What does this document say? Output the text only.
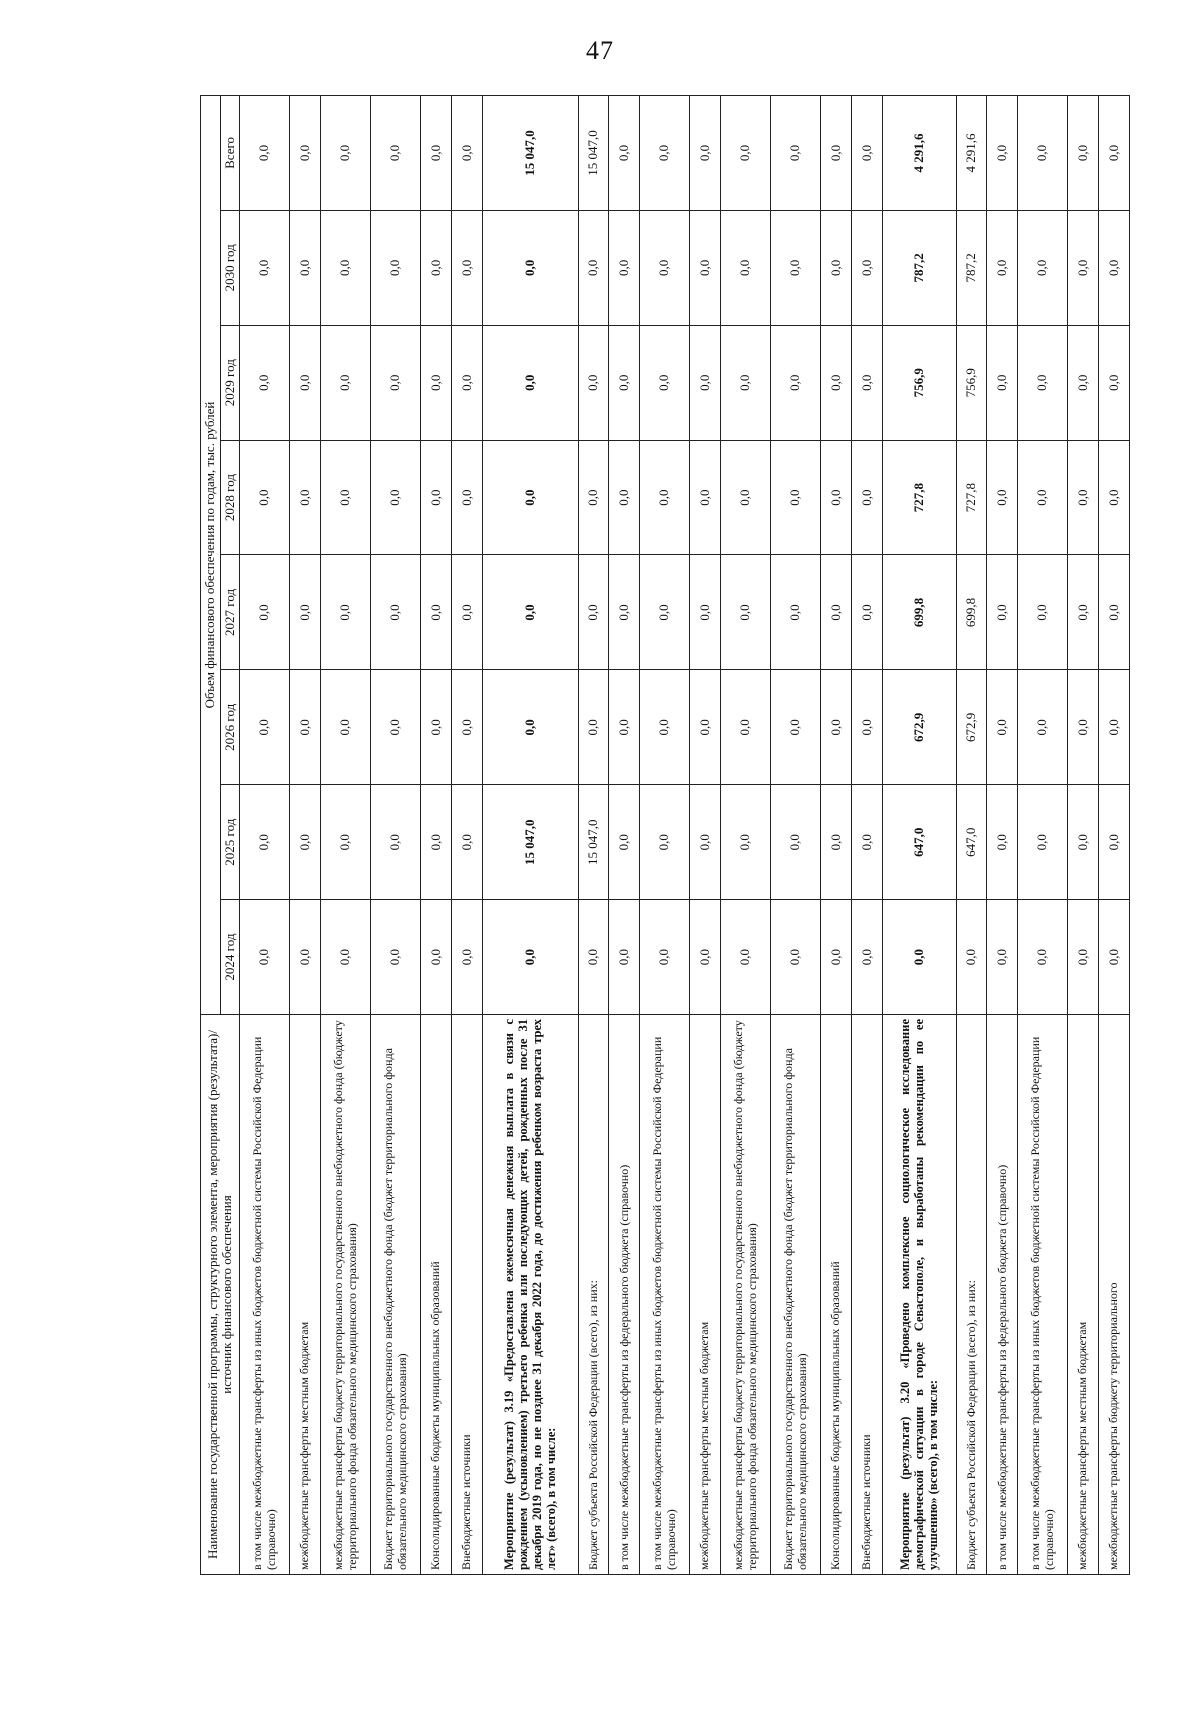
47
Наименование государственной программы, структурного элемента, мероприятия (результата)/источник финансового обеспечения	Объем финансового обеспечения по годам, тыс. рублей							
	2024 год	2025 год	2026 год	2027 год	2028 год	2029 год	2030 год	Всего
в том числе межбюджетные трансферты из иных бюджетов бюджетной системы Российской Федерации (справочно)	0,0	0,0	0,0	0,0	0,0	0,0	0,0	0,0
межбюджетные трансферты местным бюджетам	0,0	0,0	0,0	0,0	0,0	0,0	0,0	0,0
межбюджетные трансферты бюджету территориального государственного внебюджетного фонда (бюджету территориального фонда обязательного медицинского страхования)	0,0	0,0	0,0	0,0	0,0	0,0	0,0	0,0
Бюджет территориального государственного внебюджетного фонда (бюджет территориального фонда обязательного медицинского страхования)	0,0	0,0	0,0	0,0	0,0	0,0	0,0	0,0
Консолидированные бюджеты муниципальных образований	0,0	0,0	0,0	0,0	0,0	0,0	0,0	0,0
Внебюджетные источники	0,0	0,0	0,0	0,0	0,0	0,0	0,0	0,0
Мероприятие (результат) 3.19 «Предоставлена ежемесячная денежная выплата в связи с рождением (усыновлением) третьего ребенка или последующих детей, рожденных после 31 декабря 2019 года, но не позднее 31 декабря 2022 года, до достижения ребенком возраста трех лет» (всего), в том числе:	0,0	15 047,0	0,0	0,0	0,0	0,0	0,0	15 047,0
Бюджет субъекта Российской Федерации (всего), из них:	0,0	15 047,0	0,0	0,0	0,0	0,0	0,0	15 047,0
в том числе межбюджетные трансферты из федерального бюджета (справочно)	0,0	0,0	0,0	0,0	0,0	0,0	0,0	0,0
в том числе межбюджетные трансферты из иных бюджетов бюджетной системы Российской Федерации (справочно)	0,0	0,0	0,0	0,0	0,0	0,0	0,0	0,0
межбюджетные трансферты местным бюджетам	0,0	0,0	0,0	0,0	0,0	0,0	0,0	0,0
межбюджетные трансферты бюджету территориального государственного внебюджетного фонда (бюджету территориального фонда обязательного медицинского страхования)	0,0	0,0	0,0	0,0	0,0	0,0	0,0	0,0
Бюджет территориального государственного внебюджетного фонда (бюджет территориального фонда обязательного медицинского страхования)	0,0	0,0	0,0	0,0	0,0	0,0	0,0	0,0
Консолидированные бюджеты муниципальных образований	0,0	0,0	0,0	0,0	0,0	0,0	0,0	0,0
Внебюджетные источники	0,0	0,0	0,0	0,0	0,0	0,0	0,0	0,0
Мероприятие (результат) 3.20 «Проведено комплексное социологическое исследование демографической ситуации в городе Севастополе, и выработаны рекомендации по ее улучшению» (всего), в том числе:	0,0	647,0	672,9	699,8	727,8	756,9	787,2	4 291,6
Бюджет субъекта Российской Федерации (всего), из них:	0,0	647,0	672,9	699,8	727,8	756,9	787,2	4 291,6
в том числе межбюджетные трансферты из федерального бюджета (справочно)	0,0	0,0	0,0	0,0	0,0	0,0	0,0	0,0
в том числе межбюджетные трансферты из иных бюджетов бюджетной системы Российской Федерации (справочно)	0,0	0,0	0,0	0,0	0,0	0,0	0,0	0,0
межбюджетные трансферты местным бюджетам	0,0	0,0	0,0	0,0	0,0	0,0	0,0	0,0
межбюджетные трансферты бюджету территориального	0,0	0,0	0,0	0,0	0,0	0,0	0,0	0,0
